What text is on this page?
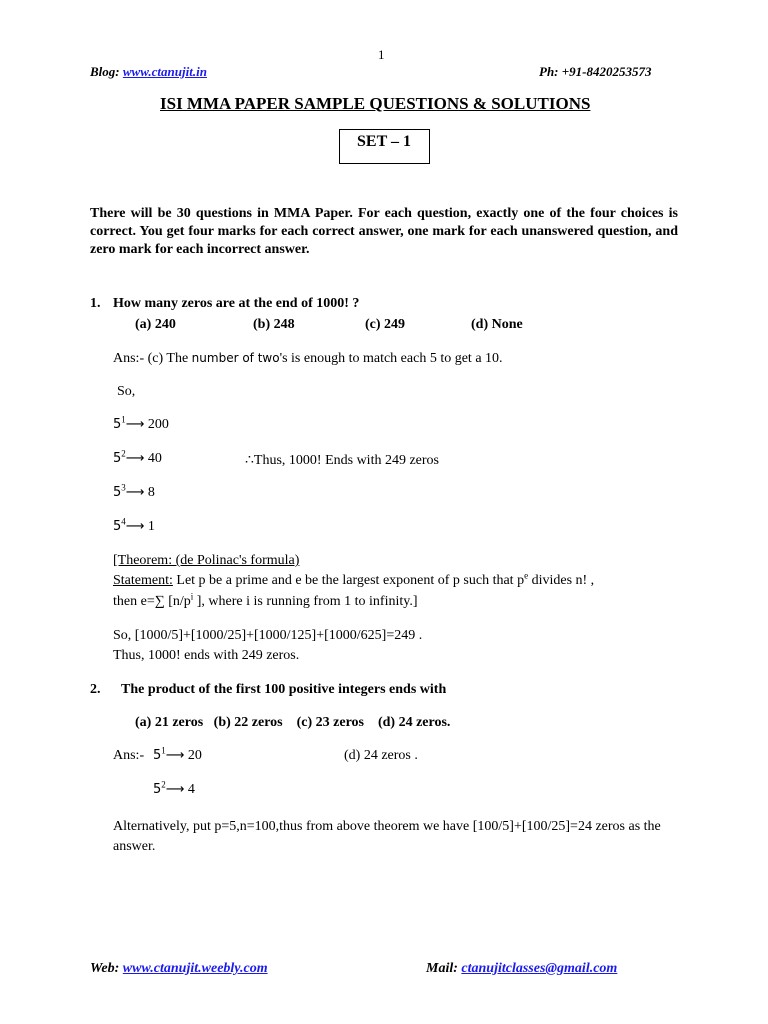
1
Blog: www.ctanujit.in	Ph: +91-8420253573
ISI MMA PAPER SAMPLE QUESTIONS & SOLUTIONS
SET – 1
There will be 30 questions in MMA Paper. For each question, exactly one of the four choices is correct. You get four marks for each correct answer, one mark for each unanswered question, and zero mark for each incorrect answer.
1. How many zeros are at the end of 1000! ?
(a) 240	(b) 248	(c) 249	(d) None
Ans:- (c) The number of two's is enough to match each 5 to get a 10.
So,
$5^1⟶$ 200
$5^2⟶$ 40	∴Thus, 1000! Ends with 249 zeros
$5^3⟶$ 8
$5^4⟶$ 1
[Theorem: (de Polinac's formula)
Statement: Let p be a prime and e be the largest exponent of p such that $p^e$ divides n! ,
then e=∑ [$n/p^i$ ], where i is running from 1 to infinity.]
So, [1000/5]+[1000/25]+[1000/125]+[1000/625]=249 .
Thus, 1000! ends with 249 zeros.
2. The product of the first 100 positive integers ends with
(a) 21 zeros   (b) 22 zeros    (c) 23 zeros    (d) 24 zeros.
Ans:- $5^1⟶$ 20	(d) 24 zeros .
$5^2⟶$ 4
Alternatively, put p=5,n=100,thus from above theorem we have [100/5]+[100/25]=24 zeros as the answer.
Web: www.ctanujit.weebly.com	Mail: ctanujitclasses@gmail.com
